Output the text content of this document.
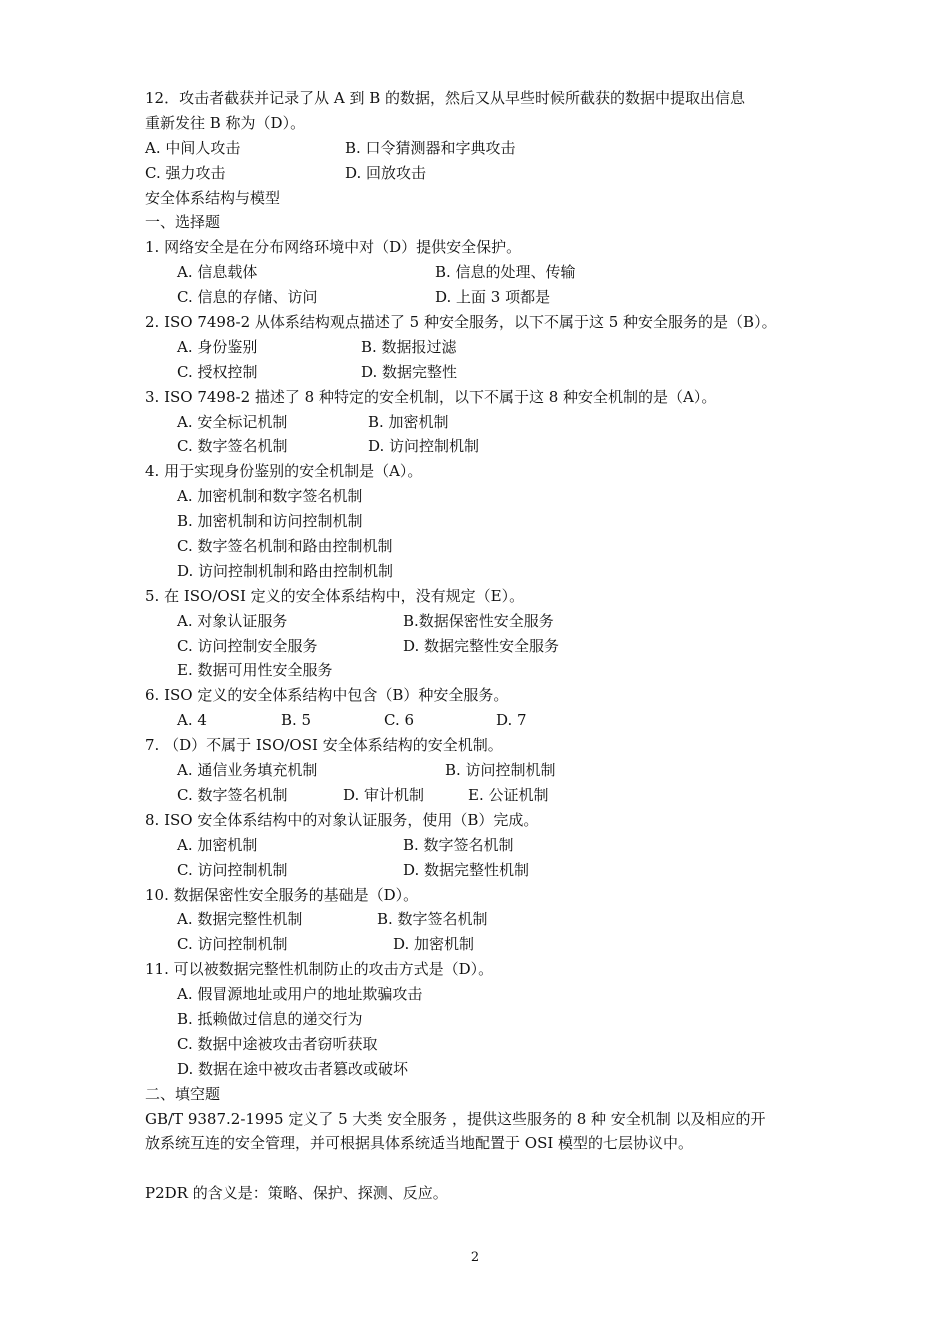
12．攻击者截获并记录了从 A 到 B 的数据，然后又从早些时候所截获的数据中提取出信息
重新发往 B 称为（D）。
A. 中间人攻击	B. 口令猜测器和字典攻击
C. 强力攻击	D. 回放攻击
安全体系结构与模型
一、选择题
1. 网络安全是在分布网络环境中对（D）提供安全保护。
A. 信息载体	B. 信息的处理、传输
C. 信息的存储、访问	D. 上面 3 项都是
2. ISO 7498-2 从体系结构观点描述了 5 种安全服务，以下不属于这 5 种安全服务的是（B）。
A. 身份鉴别	B. 数据报过滤
C. 授权控制	D. 数据完整性
3. ISO 7498-2 描述了 8 种特定的安全机制，以下不属于这 8 种安全机制的是（A）。
A. 安全标记机制	B. 加密机制
C. 数字签名机制	D. 访问控制机制
4. 用于实现身份鉴别的安全机制是（A）。
A. 加密机制和数字签名机制
B. 加密机制和访问控制机制
C. 数字签名机制和路由控制机制
D. 访问控制机制和路由控制机制
5. 在 ISO/OSI 定义的安全体系结构中，没有规定（E）。
A. 对象认证服务	B.数据保密性安全服务
C. 访问控制安全服务	D. 数据完整性安全服务
E. 数据可用性安全服务
6. ISO 定义的安全体系结构中包含（B）种安全服务。
A. 4	B. 5	C. 6	D. 7
7. （D）不属于 ISO/OSI 安全体系结构的安全机制。
A. 通信业务填充机制	B. 访问控制机制
C. 数字签名机制	D. 审计机制	E. 公证机制
8. ISO 安全体系结构中的对象认证服务，使用（B）完成。
A. 加密机制	B. 数字签名机制
C. 访问控制机制	D. 数据完整性机制
10. 数据保密性安全服务的基础是（D）。
A. 数据完整性机制	B. 数字签名机制
C. 访问控制机制	D. 加密机制
11. 可以被数据完整性机制防止的攻击方式是（D）。
A. 假冒源地址或用户的地址欺骗攻击
B. 抵赖做过信息的递交行为
C. 数据中途被攻击者窃听获取
D. 数据在途中被攻击者篡改或破坏
二、填空题
GB/T 9387.2-1995 定义了 5 大类 安全服务 ，提供这些服务的 8 种 安全机制 以及相应的开
放系统互连的安全管理，并可根据具体系统适当地配置于 OSI 模型的七层协议中。
P2DR 的含义是：策略、保护、探测、反应。
2
